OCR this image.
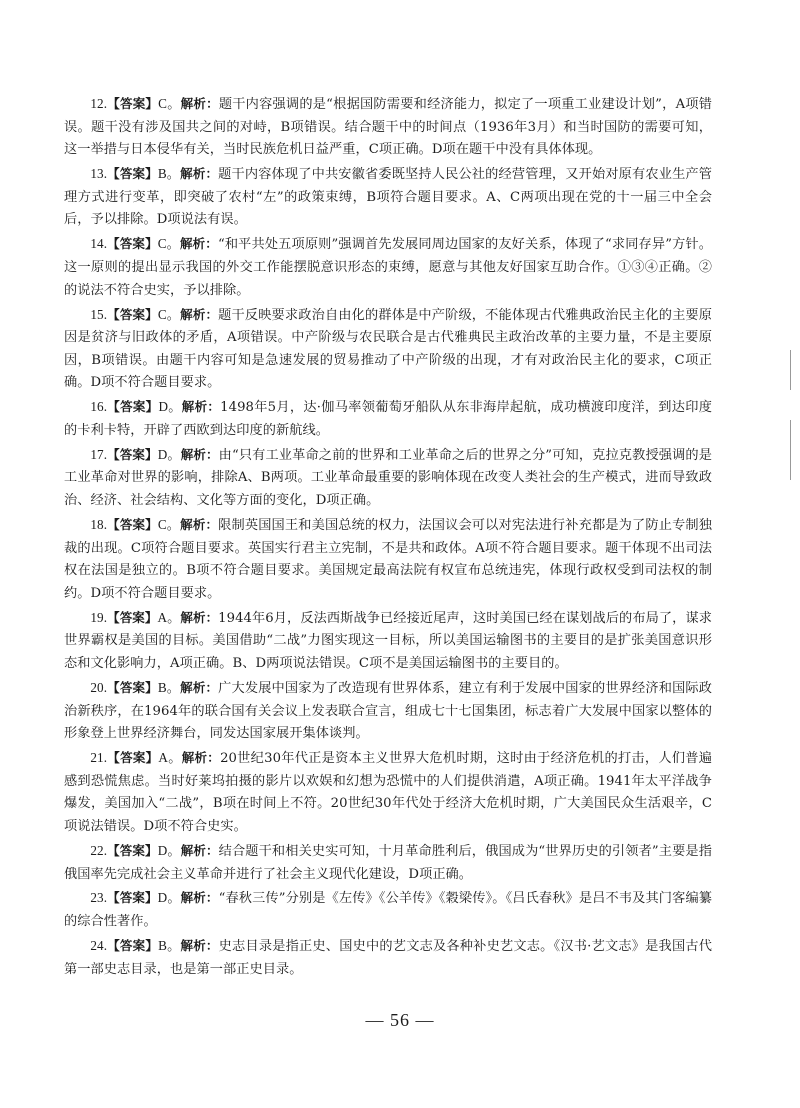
12.【答案】C。解析：题干内容强调的是“根据国防需要和经济能力，拟定了一项重工业建设计划”，A项错误。题干没有涉及国共之间的对峙，B项错误。结合题干中的时间点（1936年3月）和当时国防的需要可知，这一举措与日本侵华有关，当时民族危机日益严重，C项正确。D项在题干中没有具体体现。

13.【答案】B。解析：题干内容体现了中共安徽省委既坚持人民公社的经营管理，又开始对原有农业生产管理方式进行变革，即突破了农村“左”的政策束缚，B项符合题目要求。A、C两项出现在党的十一届三中全会后，予以排除。D项说法有误。

14.【答案】C。解析：“和平共处五项原则”强调首先发展同周边国家的友好关系，体现了“求同存异”方针。这一原则的提出显示我国的外交工作能摆脱意识形态的束缚，愿意与其他友好国家互助合作。①③④正确。②的说法不符合史实，予以排除。

15.【答案】C。解析：题干反映要求政治自由化的群体是中产阶级，不能体现古代雅典政治民主化的主要原因是贫济与旧政体的矛盾，A项错误。中产阶级与农民联合是古代雅典民主政治改革的主要力量，不是主要原因，B项错误。由题干内容可知是急速发展的贸易推动了中产阶级的出现，才有对政治民主化的要求，C项正确。D项不符合题目要求。

16.【答案】D。解析：1498年5月，达·伽马率领葡萄牙船队从东非海岸起航，成功横渡印度洋，到达印度的卡利卡特，开辟了西欧到达印度的新航线。

17.【答案】D。解析：由“只有工业革命之前的世界和工业革命之后的世界之分”可知，克拉克教授强调的是工业革命对世界的影响，排除A、B两项。工业革命最重要的影响体现在改变人类社会的生产模式，进而导致政治、经济、社会结构、文化等方面的变化，D项正确。

18.【答案】C。解析：限制英国国王和美国总统的权力，法国议会可以对宪法进行补充都是为了防止专制独裁的出现。C项符合题目要求。英国实行君主立宪制，不是共和政体。A项不符合题目要求。题干体现不出司法权在法国是独立的。B项不符合题目要求。美国规定最高法院有权宣布总统违宪，体现行政权受到司法权的制约。D项不符合题目要求。

19.【答案】A。解析：1944年6月，反法西斯战争已经接近尾声，这时美国已经在谋划战后的布局了，谋求世界霸权是美国的目标。美国借助“二战”力图实现这一目标，所以美国运输图书的主要目的是扩张美国意识形态和文化影响力，A项正确。B、D两项说法错误。C项不是美国运输图书的主要目的。

20.【答案】B。解析：广大发展中国家为了改造现有世界体系，建立有利于发展中国家的世界经济和国际政治新秩序，在1964年的联合国有关会议上发表联合宣言，组成七十七国集团，标志着广大发展中国家以整体的形象登上世界经济舞台，同发达国家展开集体谈判。

21.【答案】A。解析：20世纪30年代正是资本主义世界大危机时期，这时由于经济危机的打击，人们普遍感到恐慌焦虑。当时好莱坞拍摄的影片以欢娱和幻想为恐慌中的人们提供消遣，A项正确。1941年太平洋战争爆发，美国加入“二战”，B项在时间上不符。20世纪30年代处于经济大危机时期，广大美国民众生活艰辛，C项说法错误。D项不符合史实。

22.【答案】D。解析：结合题干和相关史实可知，十月革命胜利后，俄国成为“世界历史的引领者”主要是指俄国率先完成社会主义革命并进行了社会主义现代化建设，D项正确。

23.【答案】D。解析：“春秋三传”分别是《左传》《公羊传》《穀梁传》。《吕氏春秋》是吕不韦及其门客编纂的综合性著作。

24.【答案】B。解析：史志目录是指正史、国史中的艺文志及各种补史艺文志。《汉书·艺文志》是我国古代第一部史志目录，也是第一部正史目录。

— 56 —
